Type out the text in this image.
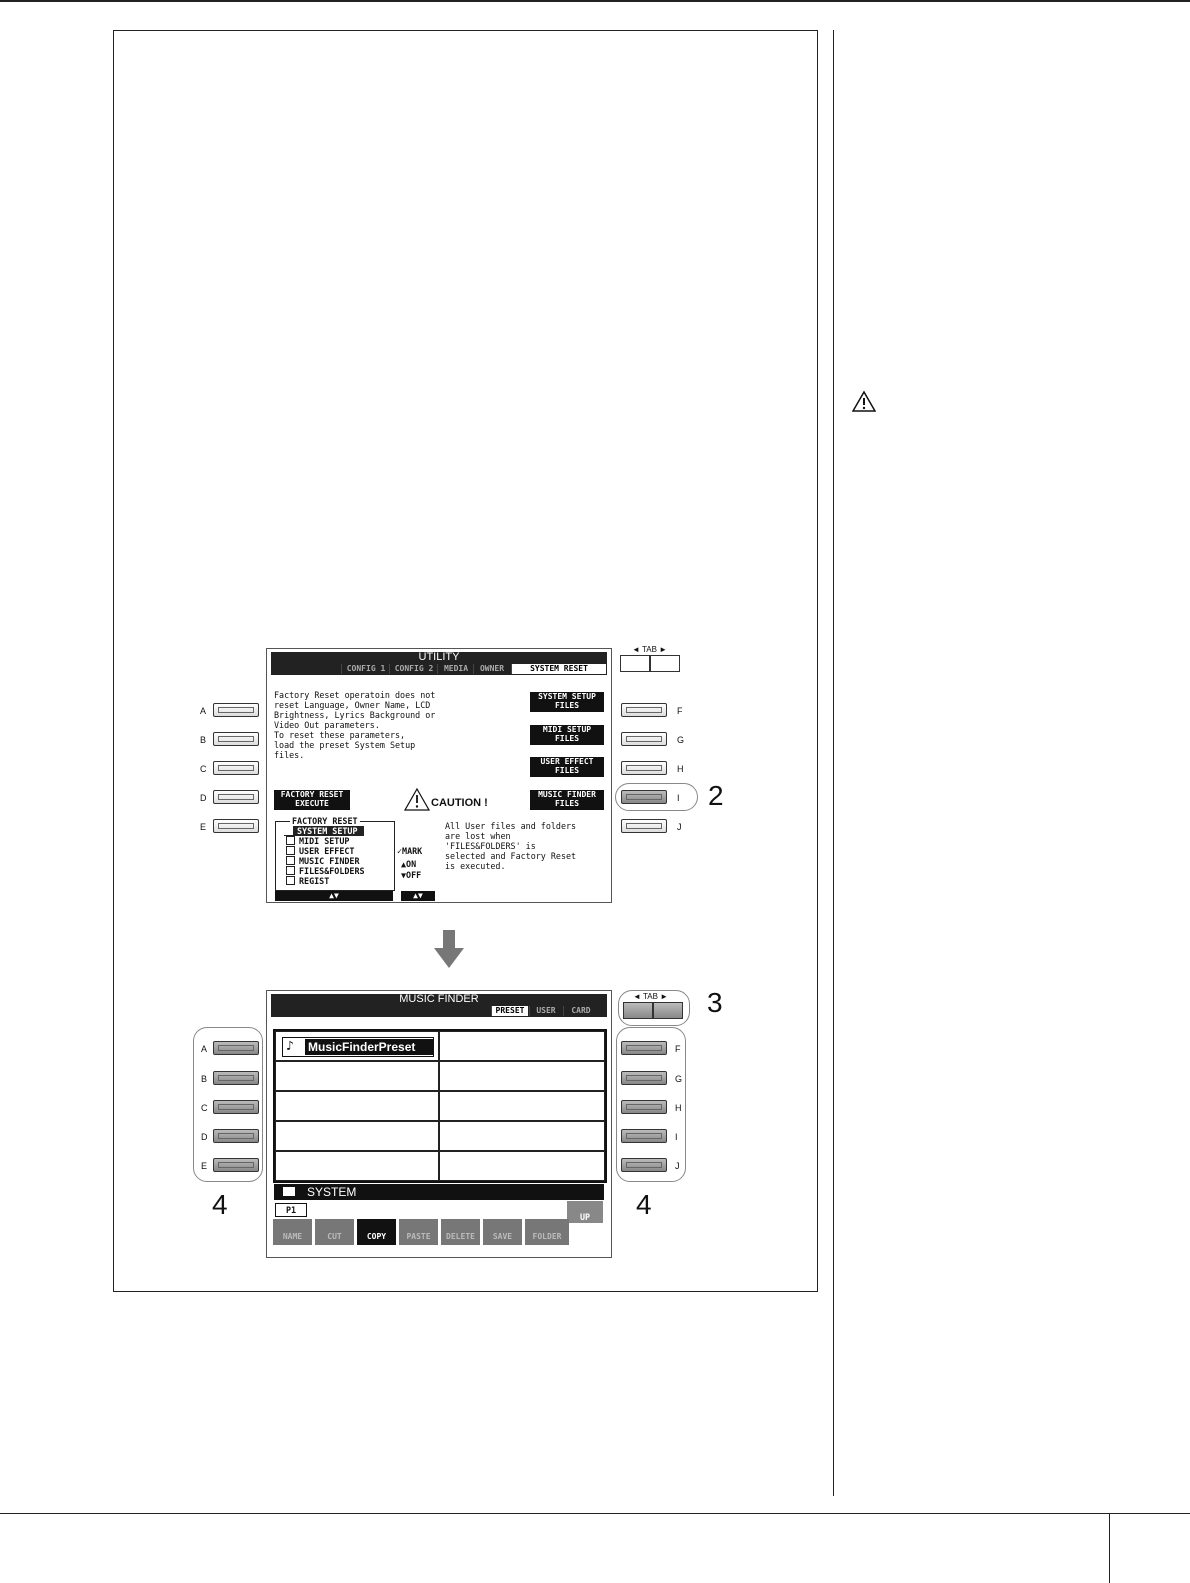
◄ TAB ►
UTILITY
CONFIG 1	CONFIG 2	MEDIA	OWNER	SYSTEM RESET
Factory Reset operatoin does not
reset Language, Owner Name, LCD
Brightness, Lyrics Background or
Video Out parameters.
To reset these parameters,
load the preset System Setup
files.
FACTORY RESET
EXECUTE
FACTORY RESET
SYSTEM SETUP
MIDI SETUP
USER EFFECT
MUSIC FINDER
FILES&FOLDERS
REGIST
✓MARK
▲ON
▼OFF
▲▼	▲▼
CAUTION !
All User files and folders
are lost when
'FILES&FOLDERS' is
selected and Factory Reset
is executed.
SYSTEM SETUP
FILES
MIDI SETUP
FILES
USER EFFECT
FILES
MUSIC FINDER
FILES
A
B
C
D
E
F
G
H
I
J
2
◄ TAB ► 3
MUSIC FINDER
PRESET	USER	CARD
♪ MusicFinderPreset
SYSTEM
P1
UP
NAME	CUT	COPY	PASTE	DELETE	SAVE	FOLDER
A
B
C
D
E
4
F
G
H
I
J
4
